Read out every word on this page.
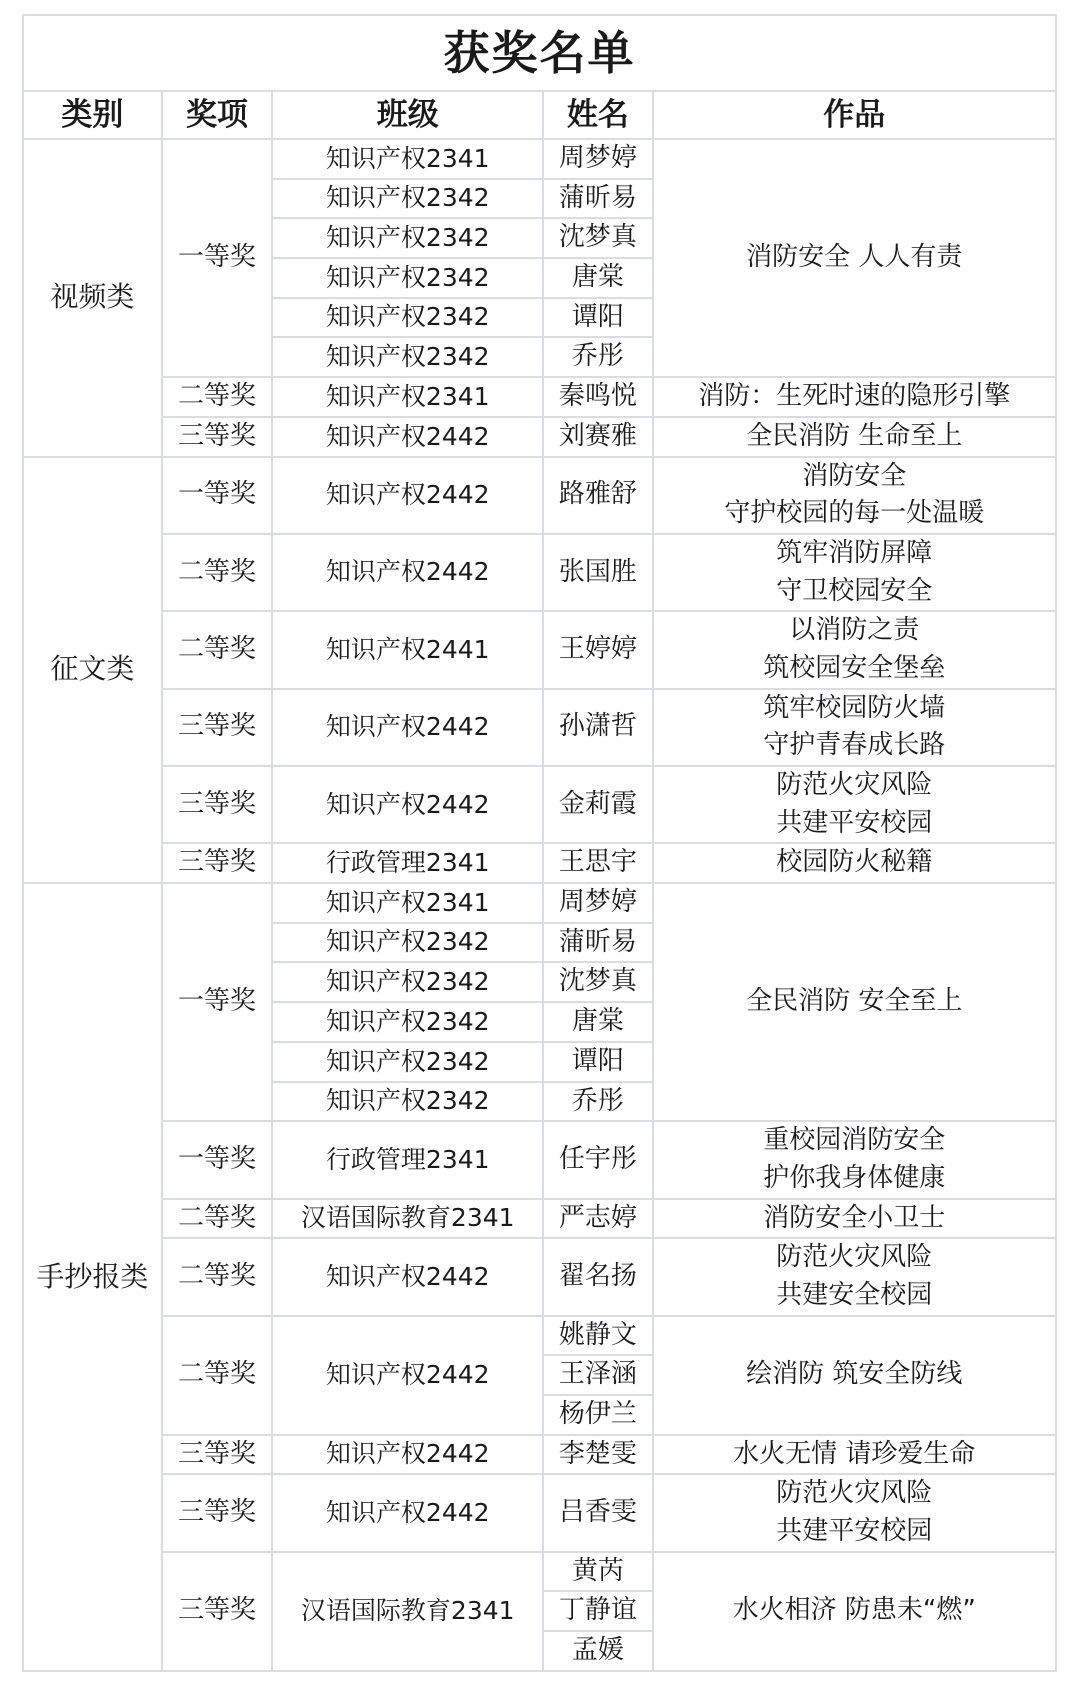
获奖名单				
类别	奖项	班级	姓名	作品
视频类	一等奖	知识产权2341	周梦婷	消防安全 人人有责

		知识产权2342	蒲昕易	
		知识产权2342	沈梦真	
		知识产权2342	唐棠	
		知识产权2342	谭阳	
		知识产权2342	乔彤	
	二等奖	知识产权2341	秦鸣悦	消防：生死时速的隐形引擎

	三等奖	知识产权2442	刘赛雅	全民消防 生命至上

征文类	一等奖	知识产权2442	路雅舒	消防安全
守护校园的每一处温暖

	二等奖	知识产权2442	张国胜	筑牢消防屏障
守卫校园安全

	二等奖	知识产权2441	王婷婷	以消防之责
筑校园安全堡垒

	三等奖	知识产权2442	孙潇哲	筑牢校园防火墙
守护青春成长路

	三等奖	知识产权2442	金莉霞	防范火灾风险
共建平安校园

	三等奖	行政管理2341	王思宇	校园防火秘籍

手抄报类	一等奖	知识产权2341	周梦婷	全民消防 安全至上

		知识产权2342	蒲昕易	
		知识产权2342	沈梦真	
		知识产权2342	唐棠	
		知识产权2342	谭阳	
		知识产权2342	乔彤	
	一等奖	行政管理2341	任宇彤	重校园消防安全
护你我身体健康

	二等奖	汉语国际教育2341	严志婷	消防安全小卫士

	二等奖	知识产权2442	翟名扬	防范火灾风险
共建安全校园

	二等奖	知识产权2442	姚静文	绘消防 筑安全防线

			王泽涵	
			杨伊兰	
	三等奖	知识产权2442	李楚雯	水火无情 请珍爱生命

	三等奖	知识产权2442	吕香雯	防范火灾风险
共建平安校园

	三等奖	汉语国际教育2341	黄芮	水火相济 防患未“燃”

			丁静谊	
			孟媛	
